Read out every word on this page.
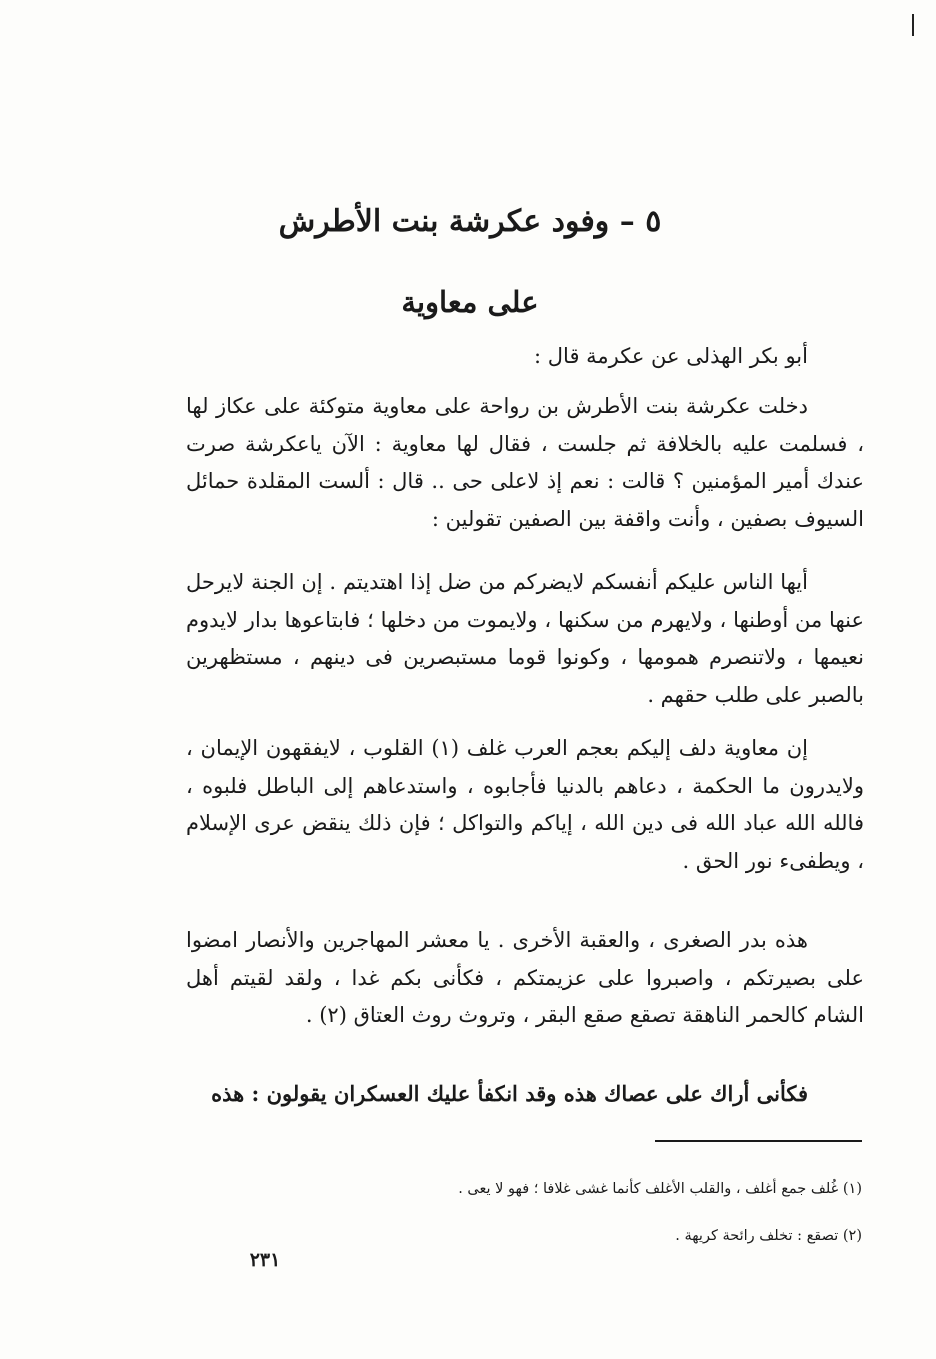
٥ – وفود عكرشة بنت الأطرش
على معاوية

أبو بكر الهذلى عن عكرمة قال :

دخلت عكرشة بنت الأطرش بن رواحة على معاوية متوكئة على عكاز لها ، فسلمت عليه بالخلافة ثم جلست ، فقال لها معاوية : الآن ياعكرشة صرت عندك أمير المؤمنين ؟ قالت : نعم إذ لاعلى حى .. قال : ألست المقلدة حمائل السيوف بصفين ، وأنت واقفة بين الصفين تقولين :

أيها الناس عليكم أنفسكم لايضركم من ضل إذا اهتديتم . إن الجنة لايرحل عنها من أوطنها ، ولايهرم من سكنها ، ولايموت من دخلها ؛ فابتاعوها بدار لايدوم نعيمها ، ولاتنصرم همومها ، وكونوا قوما مستبصرين فى دينهم ، مستظهرين بالصبر على طلب حقهم .

إن معاوية دلف إليكم بعجم العرب غلف (١) القلوب ، لايفقهون الإيمان ، ولايدرون ما الحكمة ، دعاهم بالدنيا فأجابوه ، واستدعاهم إلى الباطل فلبوه ، فالله الله عباد الله فى دين الله ، إياكم والتواكل ؛ فإن ذلك ينقض عرى الإسلام ، ويطفىء نور الحق .

هذه بدر الصغرى ، والعقبة الأخرى . يا معشر المهاجرين والأنصار امضوا على بصيرتكم ، واصبروا على عزيمتكم ، فكأنى بكم غدا ، ولقد لقيتم أهل الشام كالحمر الناهقة تصقع صقع البقر ، وتروث روث العتاق (٢) .

فكأنى أراك على عصاك هذه وقد انكفأ عليك العسكران يقولون : هذه

(١) غُلف جمع أغلف ، والقلب الأغلف كأنما غشى غلافا ؛ فهو لا يعى .
(٢) تصقع : تخلف رائحة كريهة .
٢٣١
